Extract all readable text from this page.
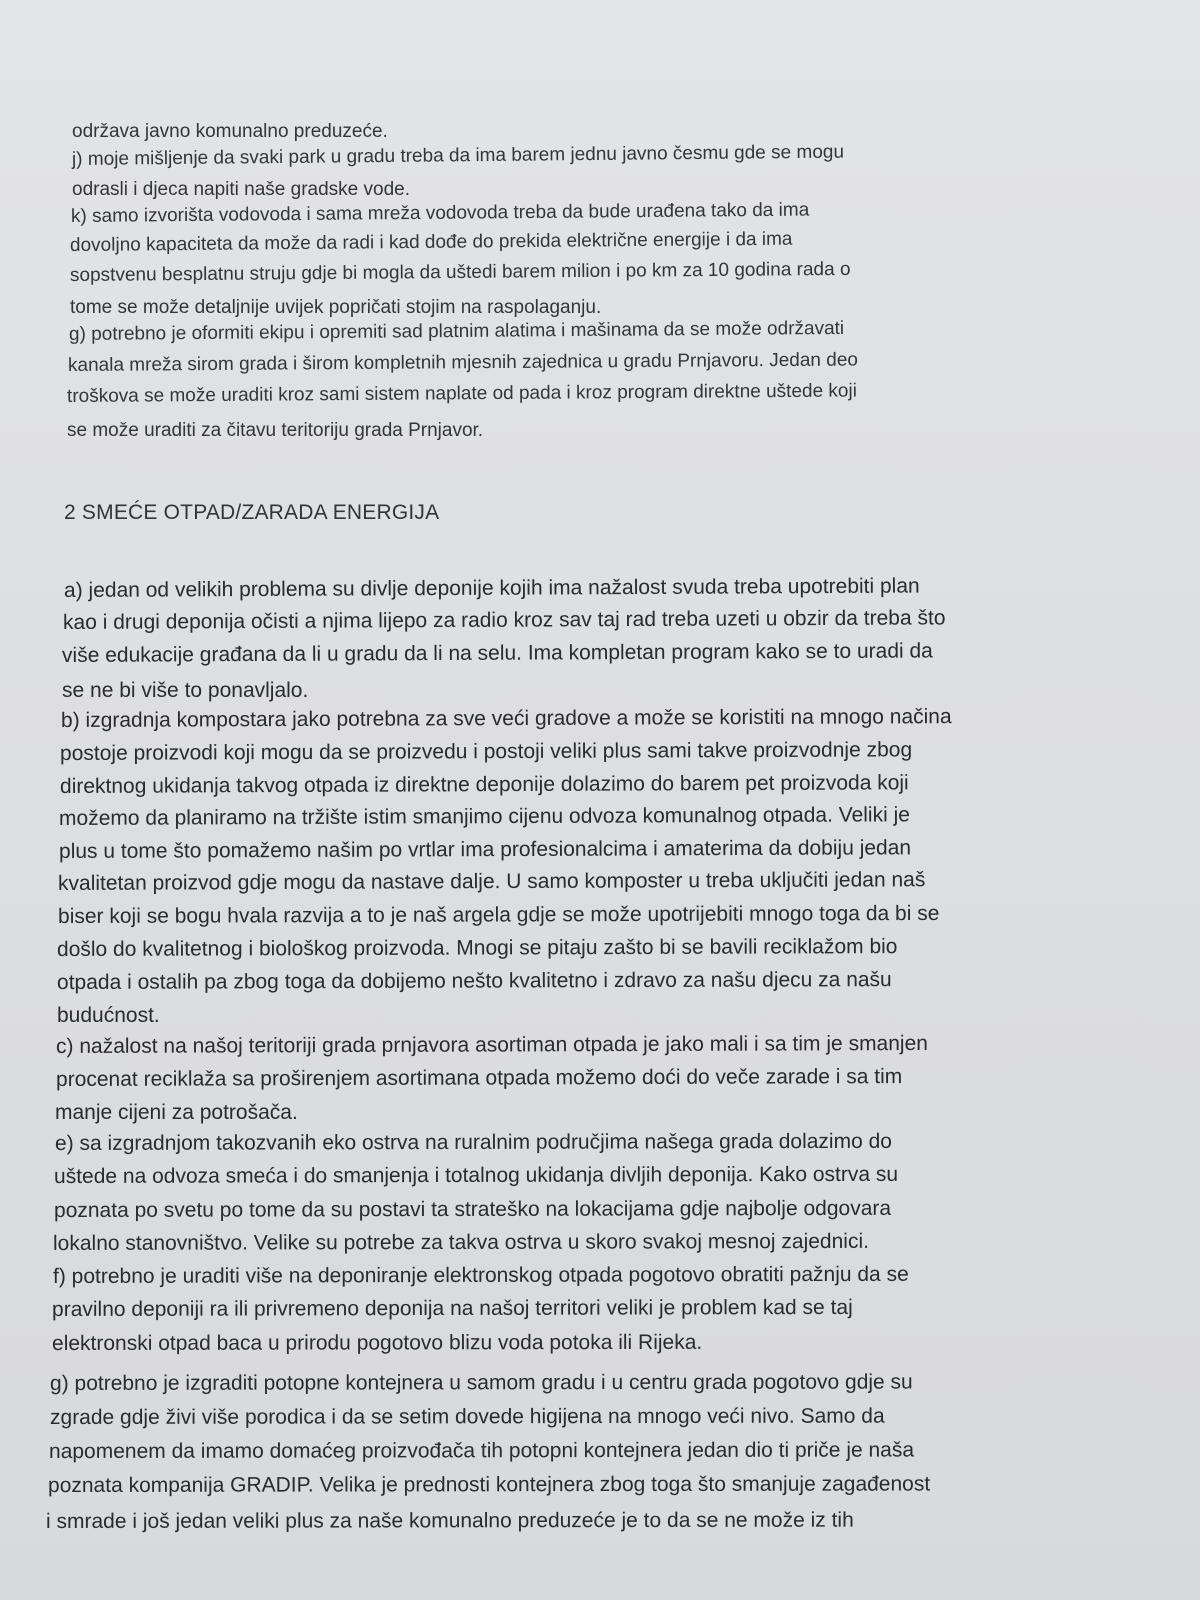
održava javno komunalno preduzeće.

j) moje mišljenje da svaki park u gradu treba da ima barem jednu javno česmu gde se mogu

odrasli i djeca napiti naše gradske vode.

k) samo izvorišta vodovoda i sama mreža vodovoda treba da bude urađena tako da ima

dovoljno kapaciteta da može da radi i kad dođe do prekida električne energije i da ima

sopstvenu besplatnu struju gdje bi mogla da uštedi barem milion i po km za 10 godina rada o

tome se može detaljnije uvijek popričati stojim na raspolaganju.

g) potrebno je oformiti ekipu i opremiti sad platnim alatima i mašinama da se može održavati

kanala mreža sirom grada i širom kompletnih mjesnih zajednica u gradu Prnjavoru. Jedan deo

troškova se može uraditi kroz sami sistem naplate od pada i kroz program direktne uštede koji

se može uraditi za čitavu teritoriju grada Prnjavor.

2 SMEĆE OTPAD/ZARADA ENERGIJA

a) jedan od velikih problema su divlje deponije kojih ima nažalost svuda treba upotrebiti plan

kao i drugi deponija očisti a njima lijepo za radio kroz sav taj rad treba uzeti u obzir da treba što

više edukacije građana da li u gradu da li na selu. Ima kompletan program kako se to uradi da

se ne bi više to ponavljalo.

b) izgradnja kompostara jako potrebna za sve veći gradove a može se koristiti na mnogo načina

postoje proizvodi koji mogu da se proizvedu i postoji veliki plus sami takve proizvodnje zbog

direktnog ukidanja takvog otpada iz direktne deponije dolazimo do barem pet proizvoda koji

možemo da planiramo na tržište istim smanjimo cijenu odvoza komunalnog otpada. Veliki je

plus u tome što pomažemo našim po vrtlar ima profesionalcima i amaterima da dobiju jedan

kvalitetan proizvod gdje mogu da nastave dalje. U samo komposter u treba uključiti jedan naš

biser koji se bogu hvala razvija a to je naš argela gdje se može upotrijebiti mnogo toga da bi se

došlo do kvalitetnog i biološkog proizvoda. Mnogi se pitaju zašto bi se bavili reciklažom bio

otpada i ostalih pa zbog toga da dobijemo nešto kvalitetno i zdravo za našu djecu za našu

budućnost.

c) nažalost na našoj teritoriji grada prnjavora asortiman otpada je jako mali i sa tim je smanjen

procenat reciklaža sa proširenjem asortimana otpada možemo doći do veče zarade i sa tim

manje cijeni za potrošača.

e) sa izgradnjom takozvanih eko ostrva na ruralnim područjima našega grada dolazimo do

uštede na odvoza smeća i do smanjenja i totalnog ukidanja divljih deponija. Kako ostrva su

poznata po svetu po tome da su postavi ta strateško na lokacijama gdje najbolje odgovara

lokalno stanovništvo. Velike su potrebe za takva ostrva u skoro svakoj mesnoj zajednici.

f) potrebno je uraditi više na deponiranje elektronskog otpada pogotovo obratiti pažnju da se

pravilno deponiji ra ili privremeno deponija na našoj territori veliki je problem kad se taj

elektronski otpad baca u prirodu pogotovo blizu voda potoka ili Rijeka.

g) potrebno je izgraditi potopne kontejnera u samom gradu i u centru grada pogotovo gdje su

zgrade gdje živi više porodica i da se setim dovede higijena na mnogo veći nivo. Samo da

napomenem da imamo domaćeg proizvođača tih potopni kontejnera jedan dio ti priče je naša

poznata kompanija GRADIP. Velika je prednosti kontejnera zbog toga što smanjuje zagađenost

i smrade i još jedan veliki plus za naše komunalno preduzeće je to da se ne može iz tih
